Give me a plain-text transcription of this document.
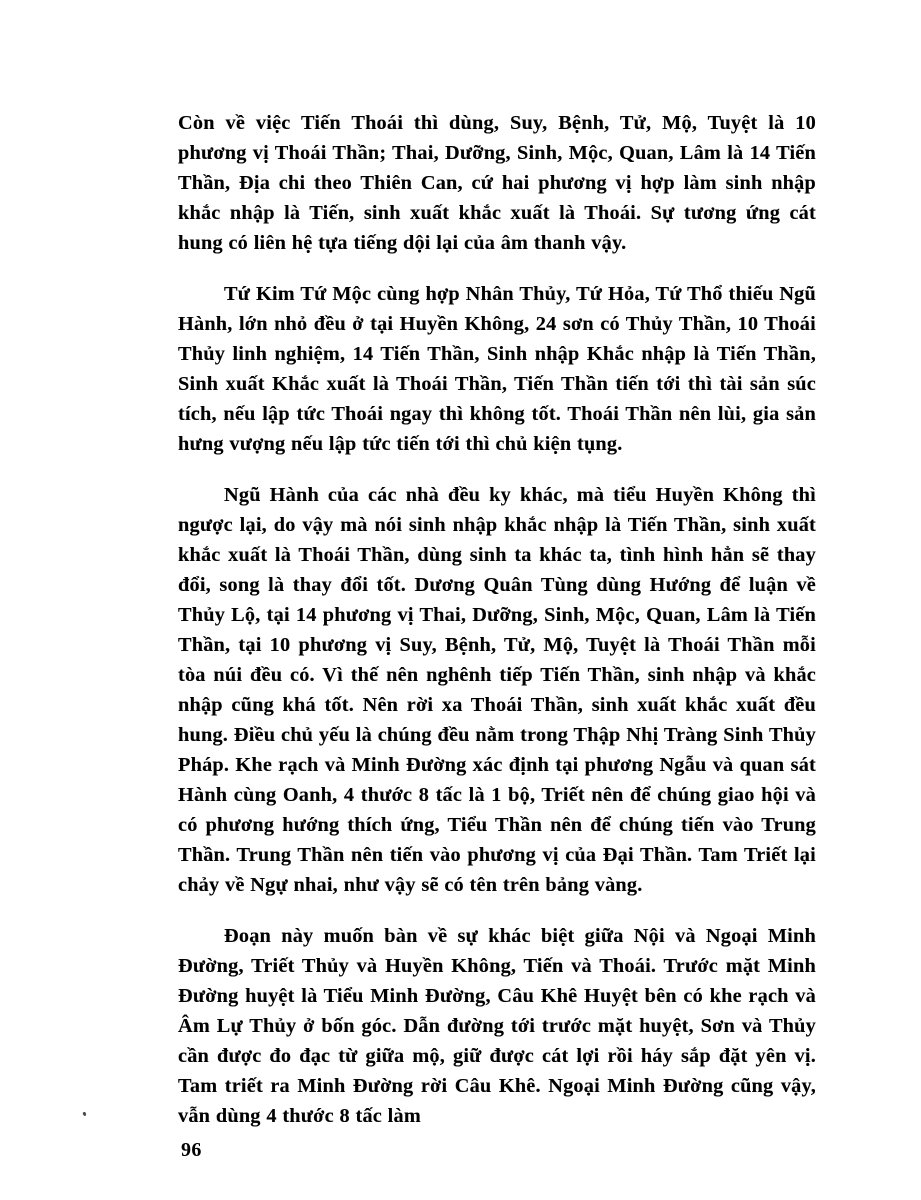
Còn về việc Tiến Thoái thì dùng, Suy, Bệnh, Tử, Mộ, Tuyệt là 10 phương vị Thoái Thần; Thai, Dưỡng, Sinh, Mộc, Quan, Lâm là 14 Tiến Thần, Địa chi theo Thiên Can, cứ hai phương vị hợp làm sinh nhập khắc nhập là Tiến, sinh xuất khắc xuất là Thoái. Sự tương ứng cát hung có liên hệ tựa tiếng dội lại của âm thanh vậy.

Tứ Kim Tứ Mộc cùng hợp Nhân Thủy, Tứ Hỏa, Tứ Thổ thiếu Ngũ Hành, lớn nhỏ đều ở tại Huyền Không, 24 sơn có Thủy Thần, 10 Thoái Thủy linh nghiệm, 14 Tiến Thần, Sinh nhập Khắc nhập là Tiến Thần, Sinh xuất Khắc xuất là Thoái Thần, Tiến Thần tiến tới thì tài sản súc tích, nếu lập tức Thoái ngay thì không tốt. Thoái Thần nên lùi, gia sản hưng vượng nếu lập tức tiến tới thì chủ kiện tụng.

Ngũ Hành của các nhà đều ky khác, mà tiểu Huyền Không thì ngược lại, do vậy mà nói sinh nhập khắc nhập là Tiến Thần, sinh xuất khắc xuất là Thoái Thần, dùng sinh ta khác ta, tình hình hẳn sẽ thay đổi, song là thay đổi tốt. Dương Quân Tùng dùng Hướng để luận về Thủy Lộ, tại 14 phương vị Thai, Dưỡng, Sinh, Mộc, Quan, Lâm là Tiến Thần, tại 10 phương vị Suy, Bệnh, Tử, Mộ, Tuyệt là Thoái Thần mỗi tòa núi đều có. Vì thế nên nghênh tiếp Tiến Thần, sinh nhập và khắc nhập cũng khá tốt. Nên rời xa Thoái Thần, sinh xuất khắc xuất đều hung. Điều chủ yếu là chúng đều nằm trong Thập Nhị Tràng Sinh Thủy Pháp. Khe rạch và Minh Đường xác định tại phương Ngẫu và quan sát Hành cùng Oanh, 4 thước 8 tấc là 1 bộ, Triết nên để chúng giao hội và có phương hướng thích ứng, Tiểu Thần nên để chúng tiến vào Trung Thần. Trung Thần nên tiến vào phương vị của Đại Thần. Tam Triết lại chảy về Ngự nhai, như vậy sẽ có tên trên bảng vàng.

Đoạn này muốn bàn về sự khác biệt giữa Nội và Ngoại Minh Đường, Triết Thủy và Huyền Không, Tiến và Thoái. Trước mặt Minh Đường huyệt là Tiểu Minh Đường, Câu Khê Huyệt bên có khe rạch và Âm Lự Thủy ở bốn góc. Dẫn đường tới trước mặt huyệt, Sơn và Thủy cần được đo đạc từ giữa mộ, giữ được cát lợi rồi háy sắp đặt yên vị. Tam triết ra Minh Đường rời Câu Khê. Ngoại Minh Đường cũng vậy, vẫn dùng 4 thước 8 tấc làm

96
